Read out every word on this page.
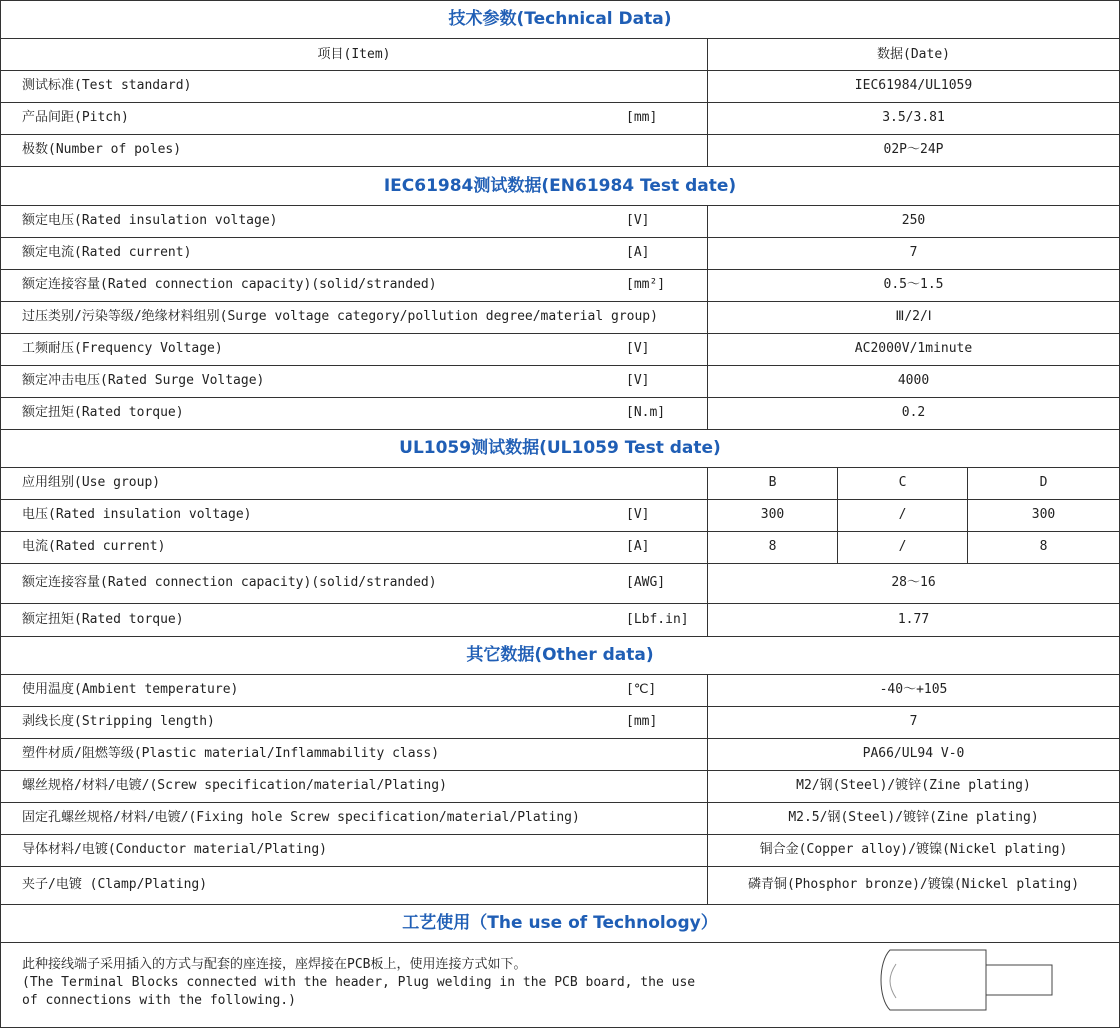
技术参数(Technical Data)
项目(Item)	数据(Date)
测试标准(Test standard)	IEC61984/UL1059
产品间距(Pitch)	[mm]	3.5/3.81
极数(Number of poles)	02P～24P
IEC61984测试数据(EN61984 Test date)
额定电压(Rated insulation voltage)	[V]	250
额定电流(Rated current)	[A]	7
额定连接容量(Rated connection capacity)(solid/stranded)	[mm²]	0.5～1.5
过压类别/污染等级/绝缘材料组别(Surge voltage category/pollution degree/material group)	Ⅲ/2/Ⅰ
工频耐压(Frequency Voltage)	[V]	AC2000V/1minute
额定冲击电压(Rated Surge Voltage)	[V]	4000
额定扭矩(Rated torque)	[N.m]	0.2
UL1059测试数据(UL1059 Test date)
应用组别(Use group)	B	C	D
电压(Rated insulation voltage)	[V]	300	/	300
电流(Rated current)	[A]	8	/	8
额定连接容量(Rated connection capacity)(solid/stranded)	[AWG]	28～16
额定扭矩(Rated torque)	[Lbf.in]	1.77
其它数据(Other data)
使用温度(Ambient temperature)	[℃]	-40～+105
剥线长度(Stripping length)	[mm]	7
塑件材质/阻燃等级(Plastic material/Inflammability class)	PA66/UL94 V-0
螺丝规格/材料/电镀/(Screw specification/material/Plating)	M2/钢(Steel)/镀锌(Zine plating)
固定孔螺丝规格/材料/电镀/(Fixing hole Screw specification/material/Plating)	M2.5/钢(Steel)/镀锌(Zine plating)
导体材料/电镀(Conductor material/Plating)	铜合金(Copper alloy)/镀镍(Nickel plating)
夹子/电镀 (Clamp/Plating)	磷青铜(Phosphor bronze)/镀镍(Nickel plating)
工艺使用（The use of Technology）
此种接线端子采用插入的方式与配套的座连接，座焊接在PCB板上，使用连接方式如下。
(The Terminal Blocks connected with the header, Plug welding in the PCB board, the use
of connections with the following.)
